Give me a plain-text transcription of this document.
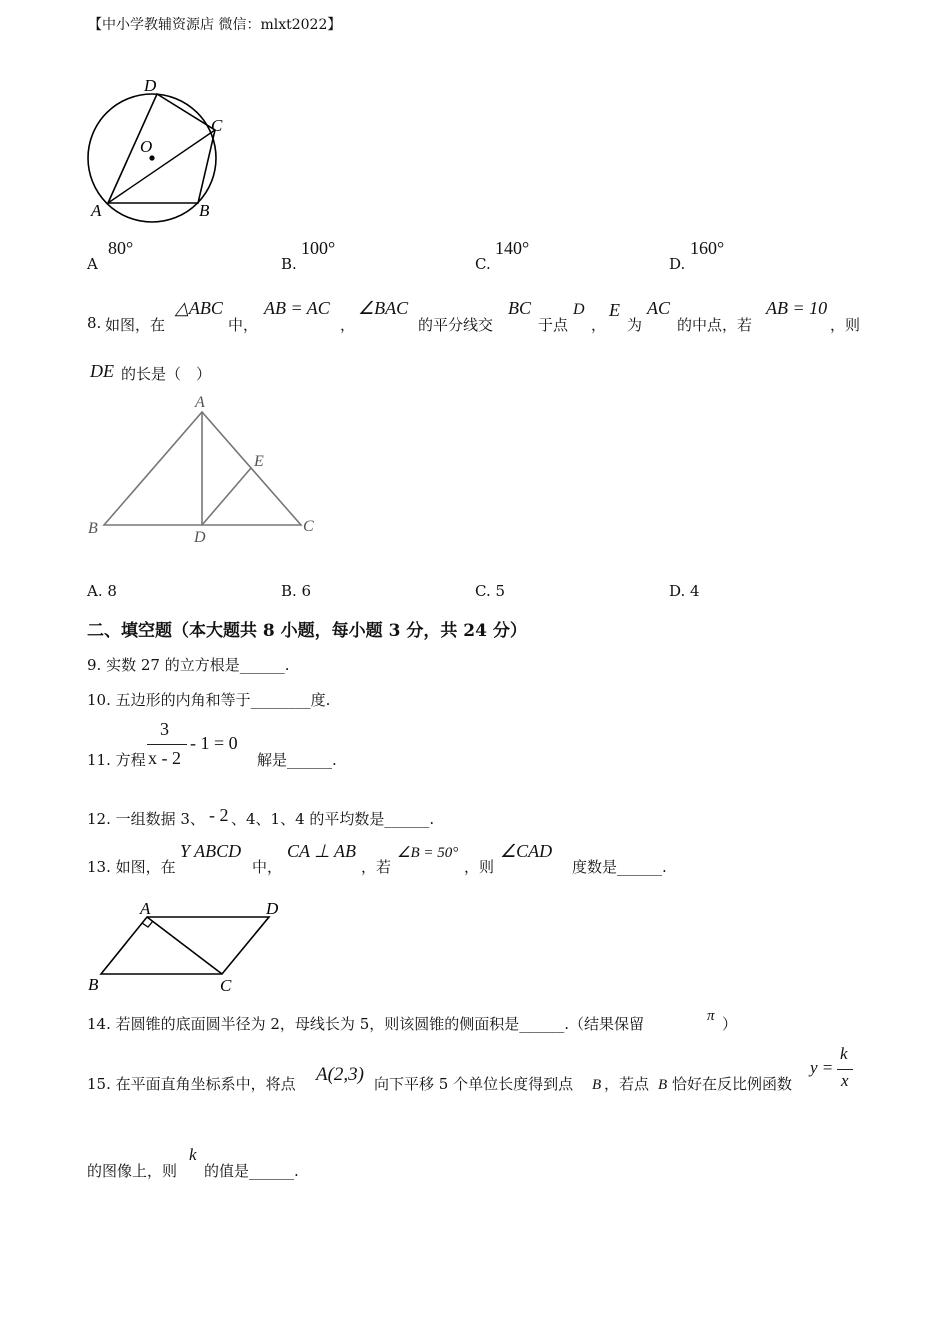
【中小学教辅资源店 微信：mlxt2022】
D
C
O
A	B
A
80°
B.
100°
C.
140°
D.
160°
8. 如图，在
△ABC
中，
AB = AC
，
∠BAC
的平分线交
BC
于点
D
，
E
为
AC
的中点，若
AB = 10
，则
DE 的长是（　）
A
E
B
D
C
A. 8	B. 6	C. 5	D. 4
二、填空题（本大题共 8 小题，每小题 3 分，共 24 分）
9. 实数 27 的立方根是______.
10. 五边形的内角和等于________度.
11. 方程
3
x - 2
- 1 = 0
解是______.
12. 一组数据 3、 - 2 、4、1、4 的平均数是______.
13. 如图，在
Y ABCD
中，
CA ⊥ AB
，若
∠B = 50°
，则
∠CAD
度数是______.
A	D
B	C
14. 若圆锥的底面圆半径为 2，母线长为 5，则该圆锥的侧面积是______.（结果保留	π ）
15. 在平面直角坐标系中，将点 A(2,3) 向下平移 5 个单位长度得到点 B ，若点 B 恰好在反比例函数
y =
k
x
的图像上，则
k
的值是______.
